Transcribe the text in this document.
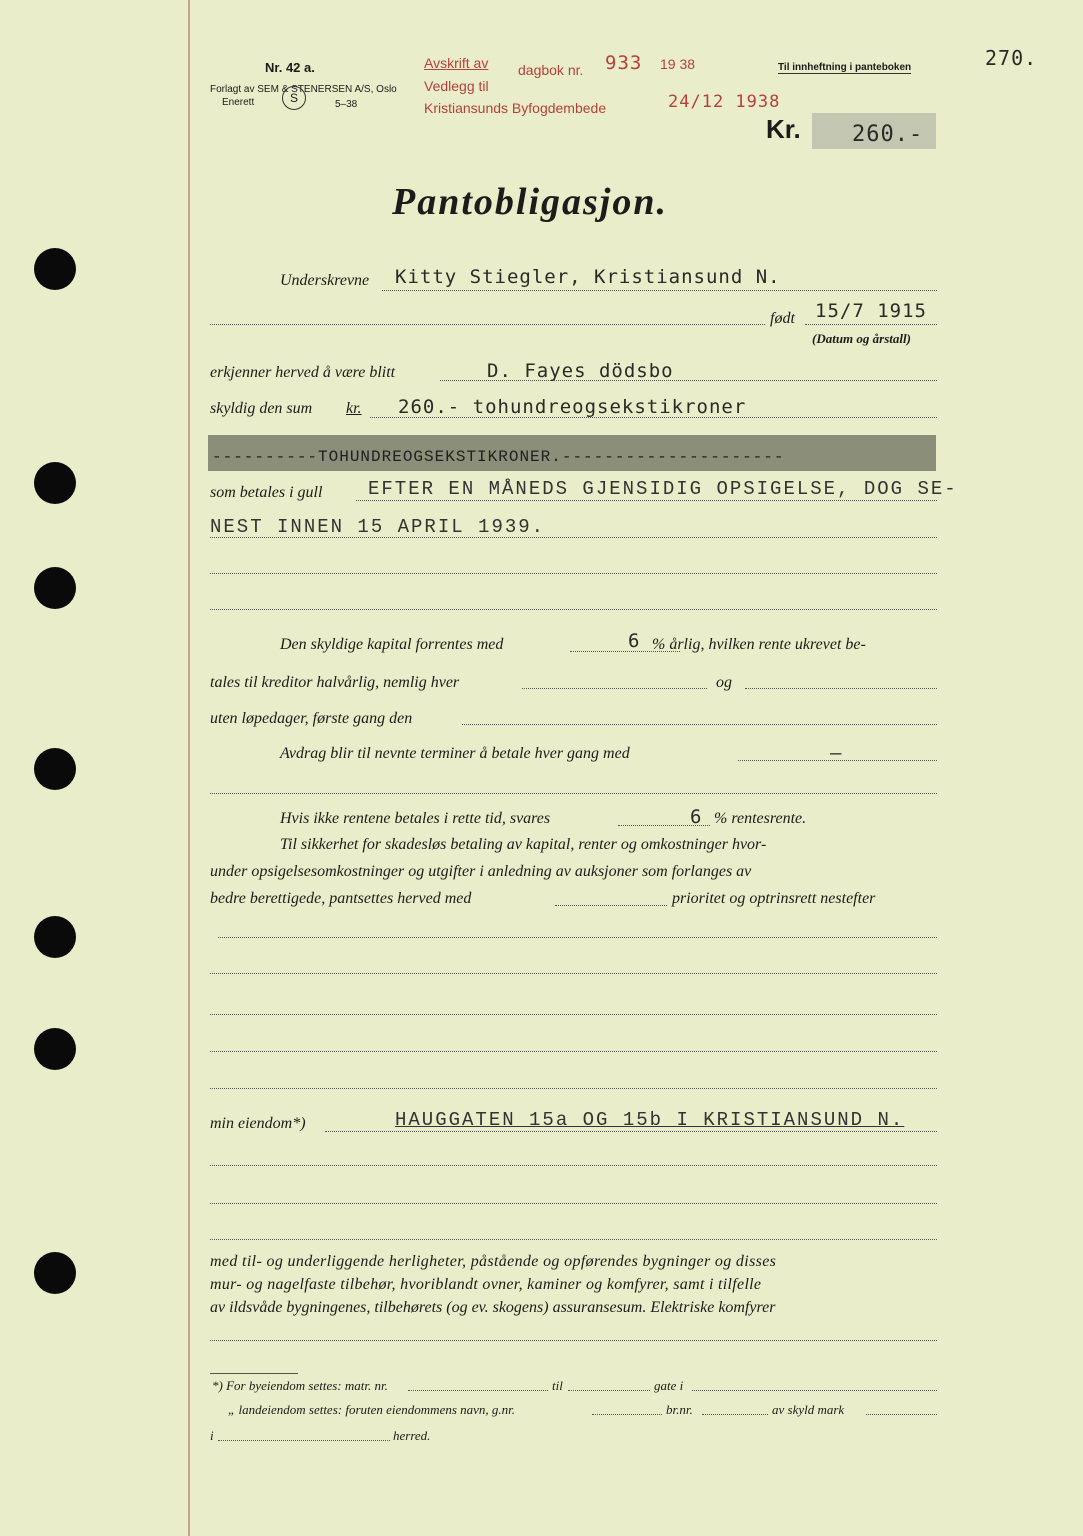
Nr. 42 a.
Forlagt av SEM & STENERSEN A/S, Oslo
Enerett	S	5–38
Avskrift av dagbok nr. 933 19 38
Vedlegg til
Kristiansunds Byfogdembede	24/12 1938
Til innheftning i panteboken	270.
Kr. 260.-
Pantobligasjon.
Underskrevne Kitty Stiegler, Kristiansund N.
født 15/7 1915
(Datum og årstall)
erkjenner herved å være blitt	D. Fayes dödsbo
skyldig den sum kr. 260.- tohundreogsekstikroner
----------TOHUNDREOGSEKSTIKRONER.---------------------
som betales i gull EFTER EN MÅNEDS GJENSIDIG OPSIGELSE, DOG SE-
NEST INNEN 15 APRIL 1939.
Den skyldige kapital forrentes med	6 % årlig, hvilken rente ukrevet be-
tales til kreditor halvårlig, nemlig hver	og
uten løpedager, første gang den
Avdrag blir til nevnte terminer å betale hver gang med	—
Hvis ikke rentene betales i rette tid, svares	6 % rentesrente.
Til sikkerhet for skadesløs betaling av kapital, renter og omkostninger hvor-
under opsigelsesomkostninger og utgifter i anledning av auksjoner som forlanges av
bedre berettigede, pantsettes herved med	prioritet og optrinsrett nestefter
min eiendom*)	HAUGGATEN 15a OG 15b I KRISTIANSUND N.
med til- og underliggende herligheter, påstående og opførendes bygninger og disses
mur- og nagelfaste tilbehør, hvoriblandt ovner, kaminer og komfyrer, samt i tilfelle
av ildsvåde bygningenes, tilbehørets (og ev. skogens) assuransesum. Elektriske komfyrer
*) For byeiendom settes: matr. nr.	til	gate i
„ landeiendom settes: foruten eiendommens navn, g.nr.	br.nr.	av skyld mark
i	herred.
